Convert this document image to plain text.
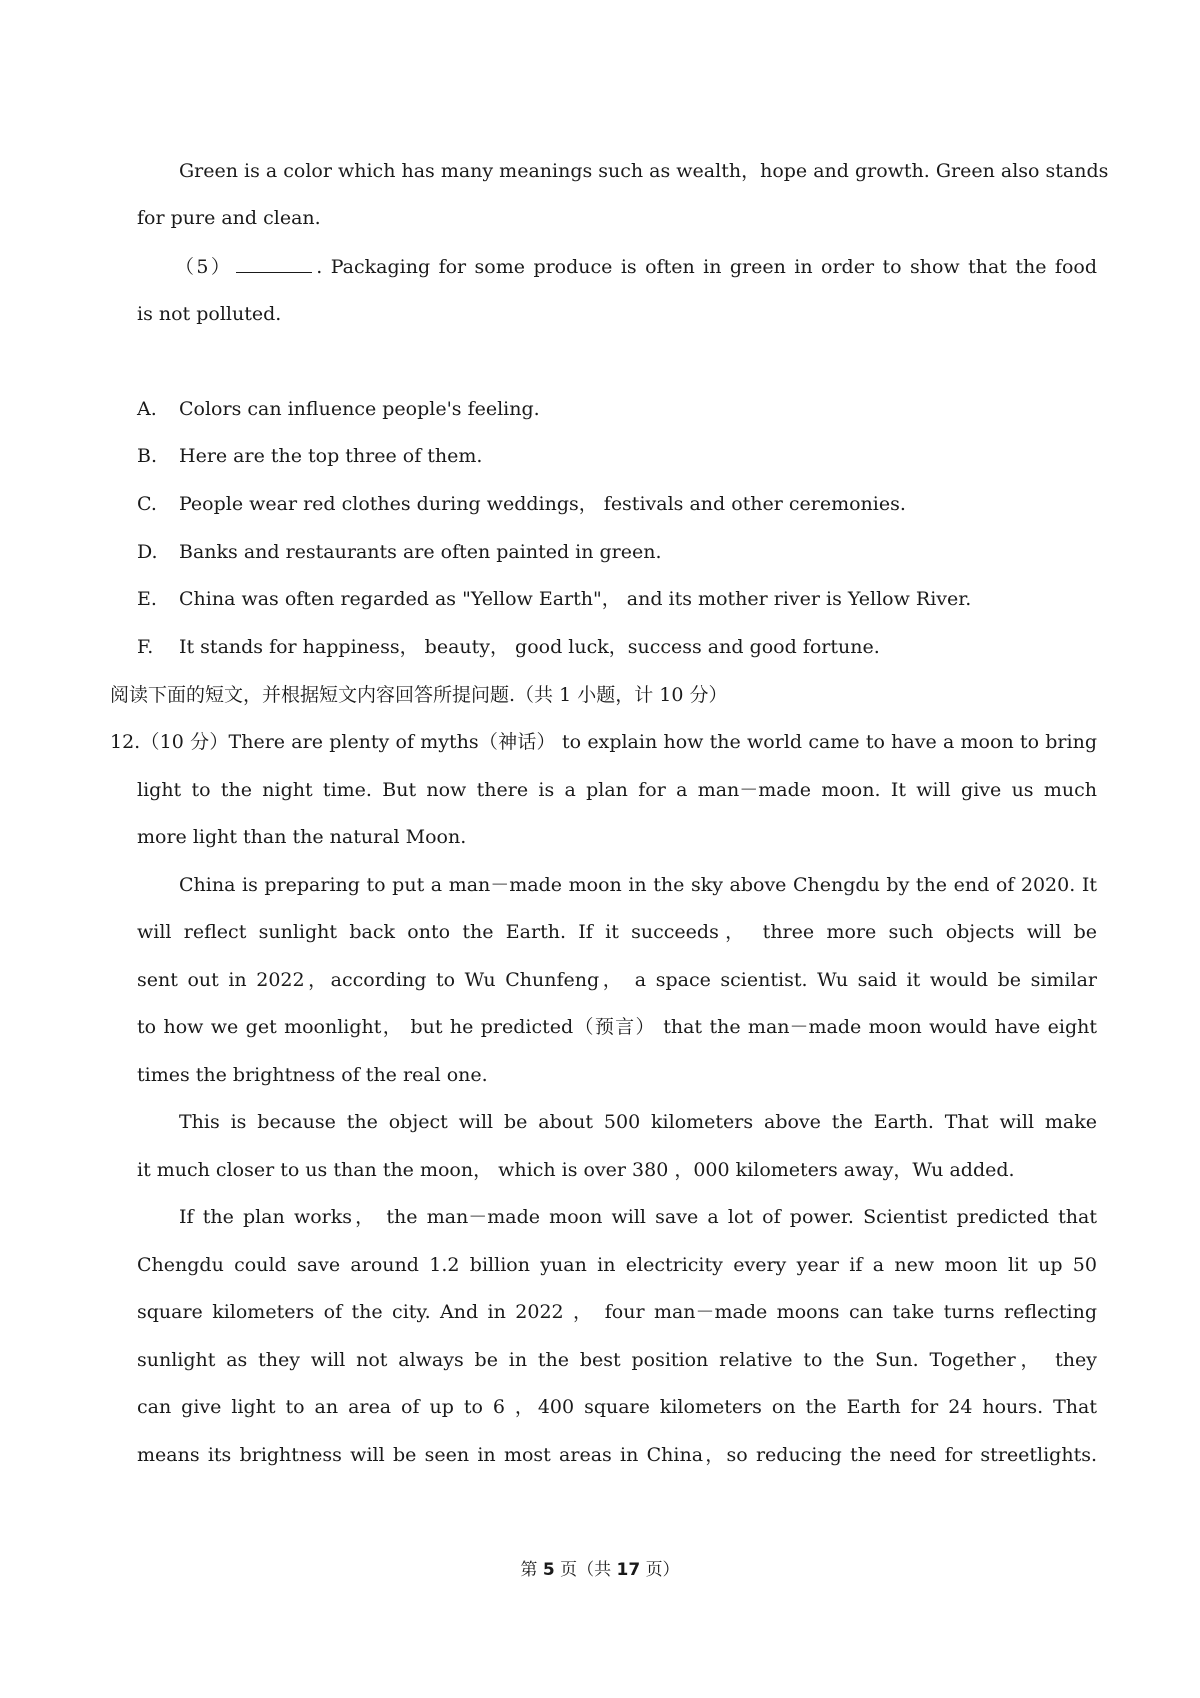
Green is a color which has many meanings such as wealth，hope and growth. Green also stands
for pure and clean.
（5）	. Packaging for some produce is often in green in order to show that the food
is not polluted.
A. Colors can influence people's feeling.
B. Here are the top three of them.
C. People wear red clothes during weddings， festivals and other ceremonies.
D. Banks and restaurants are often painted in green.
E. China was often regarded as "Yellow Earth"， and its mother river is Yellow River.
F. It stands for happiness， beauty， good luck，success and good fortune.
阅读下面的短文，并根据短文内容回答所提问题.（共 1 小题，计 10 分）
12.（10 分）There are plenty of myths（神话） to explain how the world came to have a moon to bring
light to the night time. But now there is a plan for a man－made moon. It will give us much
more light than the natural Moon.
China is preparing to put a man－made moon in the sky above Chengdu by the end of 2020. It
will reflect sunlight back onto the Earth. If it succeeds， three more such objects will be
sent out in 2022，according to Wu Chunfeng， a space scientist. Wu said it would be similar
to how we get moonlight， but he predicted（预言） that the man－made moon would have eight
times the brightness of the real one.
This is because the object will be about 500 kilometers above the Earth. That will make
it much closer to us than the moon， which is over 380 ，000 kilometers away，Wu added.
If the plan works， the man－made moon will save a lot of power. Scientist predicted that
Chengdu could save around 1.2 billion yuan in electricity every year if a new moon lit up 50
square kilometers of the city. And in 2022 ， four man－made moons can take turns reflecting
sunlight as they will not always be in the best position relative to the Sun. Together， they
can give light to an area of up to 6 ，400 square kilometers on the Earth for 24 hours. That
means its brightness will be seen in most areas in China，so reducing the need for streetlights.
第 5 页（共 17 页）
